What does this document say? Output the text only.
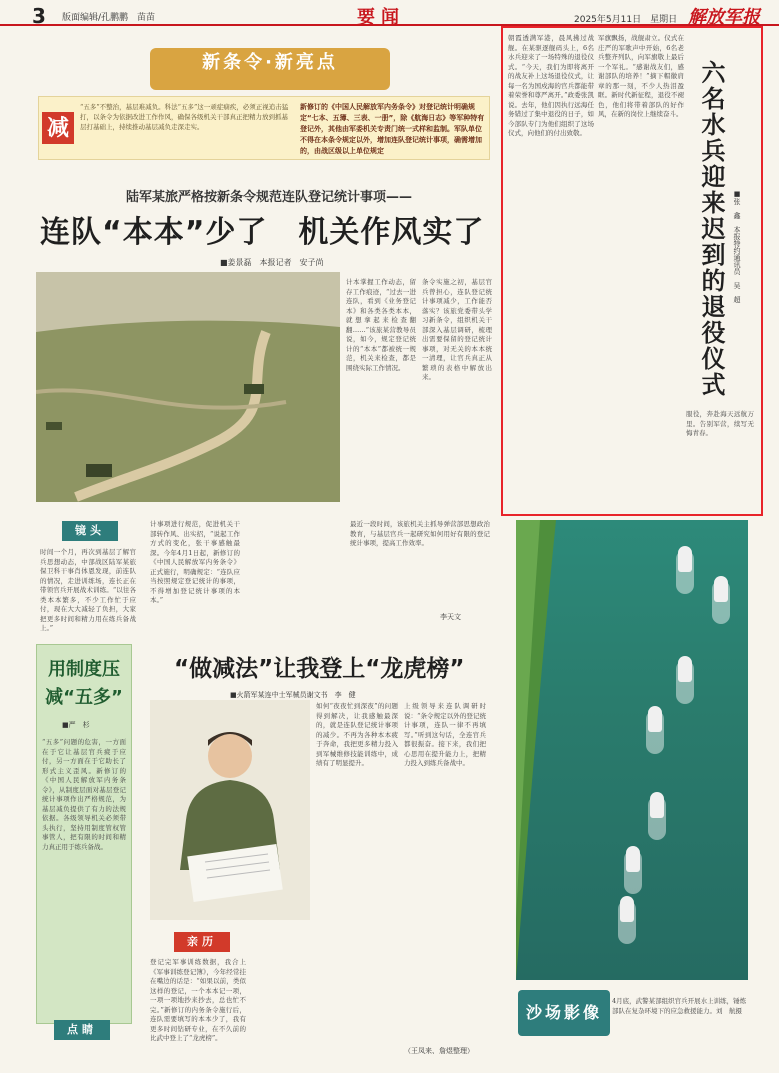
3 版面编辑/孔鹏鹏　苗苗	要闻	2025年5月11日　星期日 解放军报
新条令·新亮点
减
“五多”不整治，基层难减负。科法“五多”这一顽症痼疾，必须正视追击猛打，以条令为依据改进工作作风，确保各级机关干部真正把精力放到抓基层打基础上，持续推动基层减负走深走实。
新修订的《中国人民解放军内务条令》对登记统计明确规定“七本、五簿、三表、一册”，除《航海日志》等军种特有登记外，其他由军委机关专责门统一式样和监制。军队单位不得在本条令规定以外，增加连队登记统计事项，确需增加的，由战区级以上单位规定
陆军某旅严格按新条令规范连队登记统计事项——
连队“本本”少了　机关作风实了
■姜景磊　本报记者　安子尚
镜头
时间一个月，再次到基层了解官兵思想动态，中部战区陆军某旅保卫科干事肖体恩发现，前连队的情况，走进训练场，连长正在带领官兵开展战术训练。“以往各类本本繁多，不少工作忙于应付，现在大大减轻了负担，大家把更多时间和精力用在练兵备战上。”
计事项进行规范，促进机关干部转作风、出实招，“说起工作方式的变化，张干事感触最深。今年4月1日起，新修订的《中国人民解放军内务条令》正式施行，明确规定：“连队应当按照规定登记统计的事项，不得增加登记统计事项的本本。”
计本掌握工作动态，留存工作痕迹，“过去一进连队，看到《业务登记本》和各类各类本本，就想拿起来检查翻翻……”该旅某营教导员说，如今，规定登记统计的“本本”都被统一规范，机关来检查，都是围绕实际工作情况。
条令实施之初，基层官兵曾担心，连队登记统计事项减少，工作能否落实？该旅党委带头学习新条令，组织机关干部深入基层调研，梳理出需要保留的登记统计事项，对无关的本本统一清理，让官兵真正从繁琐的表格中解放出来。
最近一段时间，该旅机关主抓导弹营部思想政治教育，与基层官兵一起研究如何用好有限的登记统计事项，提高工作效率。
李天文
用制度压减“五多”
■严　杉
“五多”问题的危害，一方面在于它让基层官兵疲于应付，另一方面在于它助长了形式主义歪风。新修订的《中国人民解放军内务条令》，从制度层面对基层登记统计事项作出严格规范，为基层减负提供了有力的法规依据。各级领导机关必须带头执行，坚持用制度管权管事管人，把有限的时间和精力真正用于练兵备战。
点睛
“做减法”让我登上“龙虎榜”
■火箭军某连中士军械员谢文书　李　健
亲历
登记完军事训练数据，我合上《军事训练登记簿》，今年经常挂在嘴边的话是：“如果以前，类似这样的登记，一个本本记一项，一项一项地抄来抄去，总也忙不完。”新修订的内务条令施行后，连队需要填写的本本少了，我有更多时间钻研专业，在不久前的比武中登上了“龙虎榜”。
如何“夜夜忙到深夜”的问题得到解决，让我感触最深的，就是连队登记统计事项的减少。不再为各种本本疲于奔命，我把更多精力投入到军械维修技能训练中，成绩有了明显提升。
上级领导来连队调研时说：“条令规定以外的登记统计事项，连队一律不再填写。”听到这句话，全连官兵都很振奋。接下来，我们把心思用在提升能力上，把精力投入到练兵备战中。
（王凤来、詹煜整理）
六名水兵迎来迟到的退役仪式	■张　鑫　本报特约通讯员　吴　超
朝霞透满军港，晨风拂过战舰。在某驱逐舰码头上，6名水兵迎来了一场特殊的退役仪式。“今天，我们为即将离开的战友补上这场退役仪式，让每一名为国戍海的官兵都能带着荣誉和尊严离开。”政委张凯说。去年，他们因执行远海任务错过了集中退役的日子，如今部队专门为他们组织了这场仪式，向他们的付出致敬。
军旗飘扬，战舰肃立。仪式在庄严的军歌声中开始，6名老兵整齐列队，向军旗敬上最后一个军礼。“感谢战友们，感谢部队的培养！”摘下帽徽肩章的那一刻，不少人热泪盈眶。新时代新征程，退役不褪色，他们将带着部队的好作风，在新的岗位上继续奋斗。
服役，奔赴海天远航万里。告别军营，续写无悔青春。
沙场影像
4月底，武警某部组织官兵开展水上训练，锤炼部队在复杂环境下的应急救援能力。刘　航摄
